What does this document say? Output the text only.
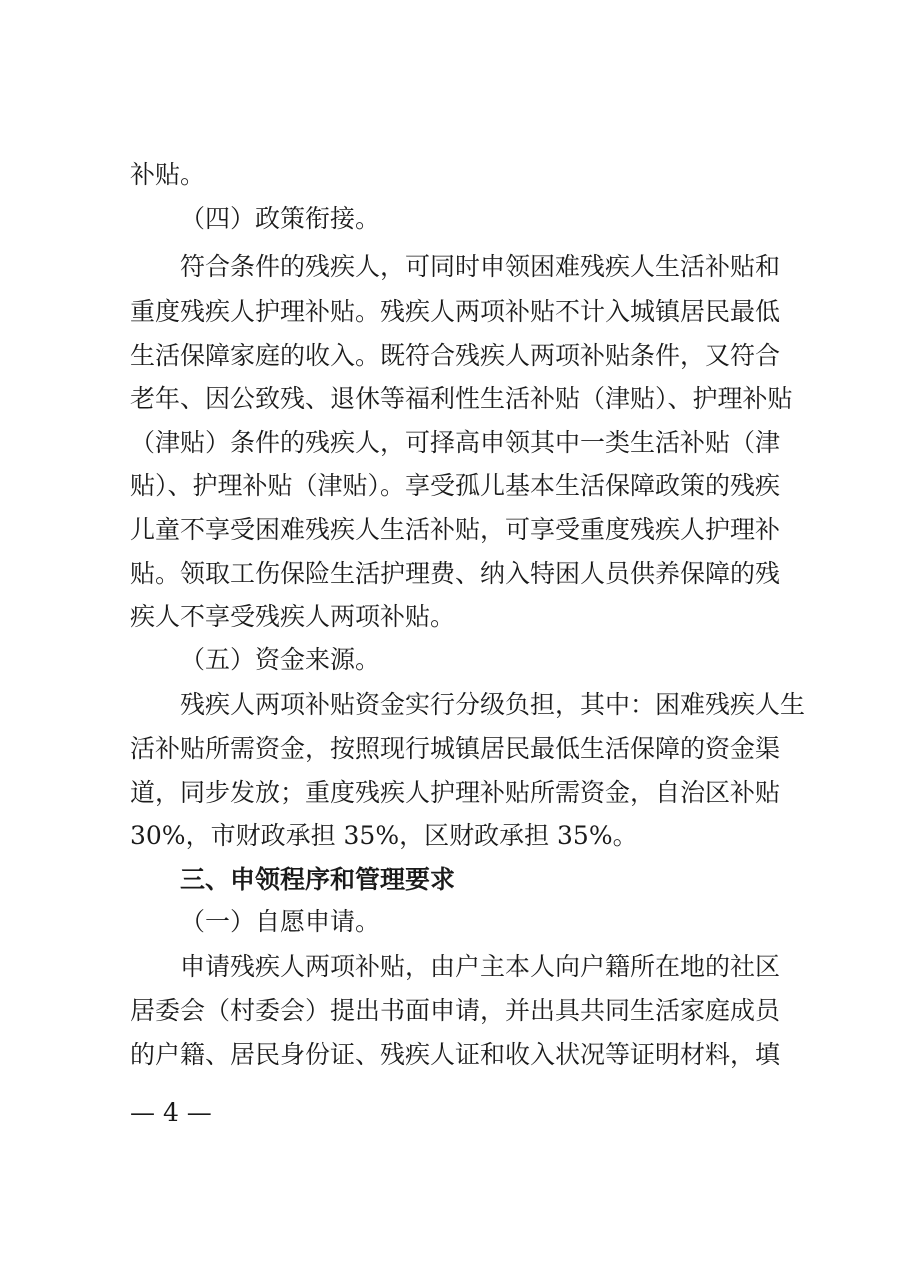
补贴。
（四）政策衔接。
符合条件的残疾人，可同时申领困难残疾人生活补贴和
重度残疾人护理补贴。残疾人两项补贴不计入城镇居民最低
生活保障家庭的收入。既符合残疾人两项补贴条件，又符合
老年、因公致残、退休等福利性生活补贴（津贴）、护理补贴
（津贴）条件的残疾人，可择高申领其中一类生活补贴（津
贴）、护理补贴（津贴）。享受孤儿基本生活保障政策的残疾
儿童不享受困难残疾人生活补贴，可享受重度残疾人护理补
贴。领取工伤保险生活护理费、纳入特困人员供养保障的残
疾人不享受残疾人两项补贴。
（五）资金来源。
残疾人两项补贴资金实行分级负担，其中：困难残疾人生
活补贴所需资金，按照现行城镇居民最低生活保障的资金渠
道，同步发放；重度残疾人护理补贴所需资金，自治区补贴
30%，市财政承担 35%，区财政承担 35%。
三、申领程序和管理要求
（一）自愿申请。
申请残疾人两项补贴，由户主本人向户籍所在地的社区
居委会（村委会）提出书面申请，并出具共同生活家庭成员
的户籍、居民身份证、残疾人证和收入状况等证明材料，填
— 4 —
